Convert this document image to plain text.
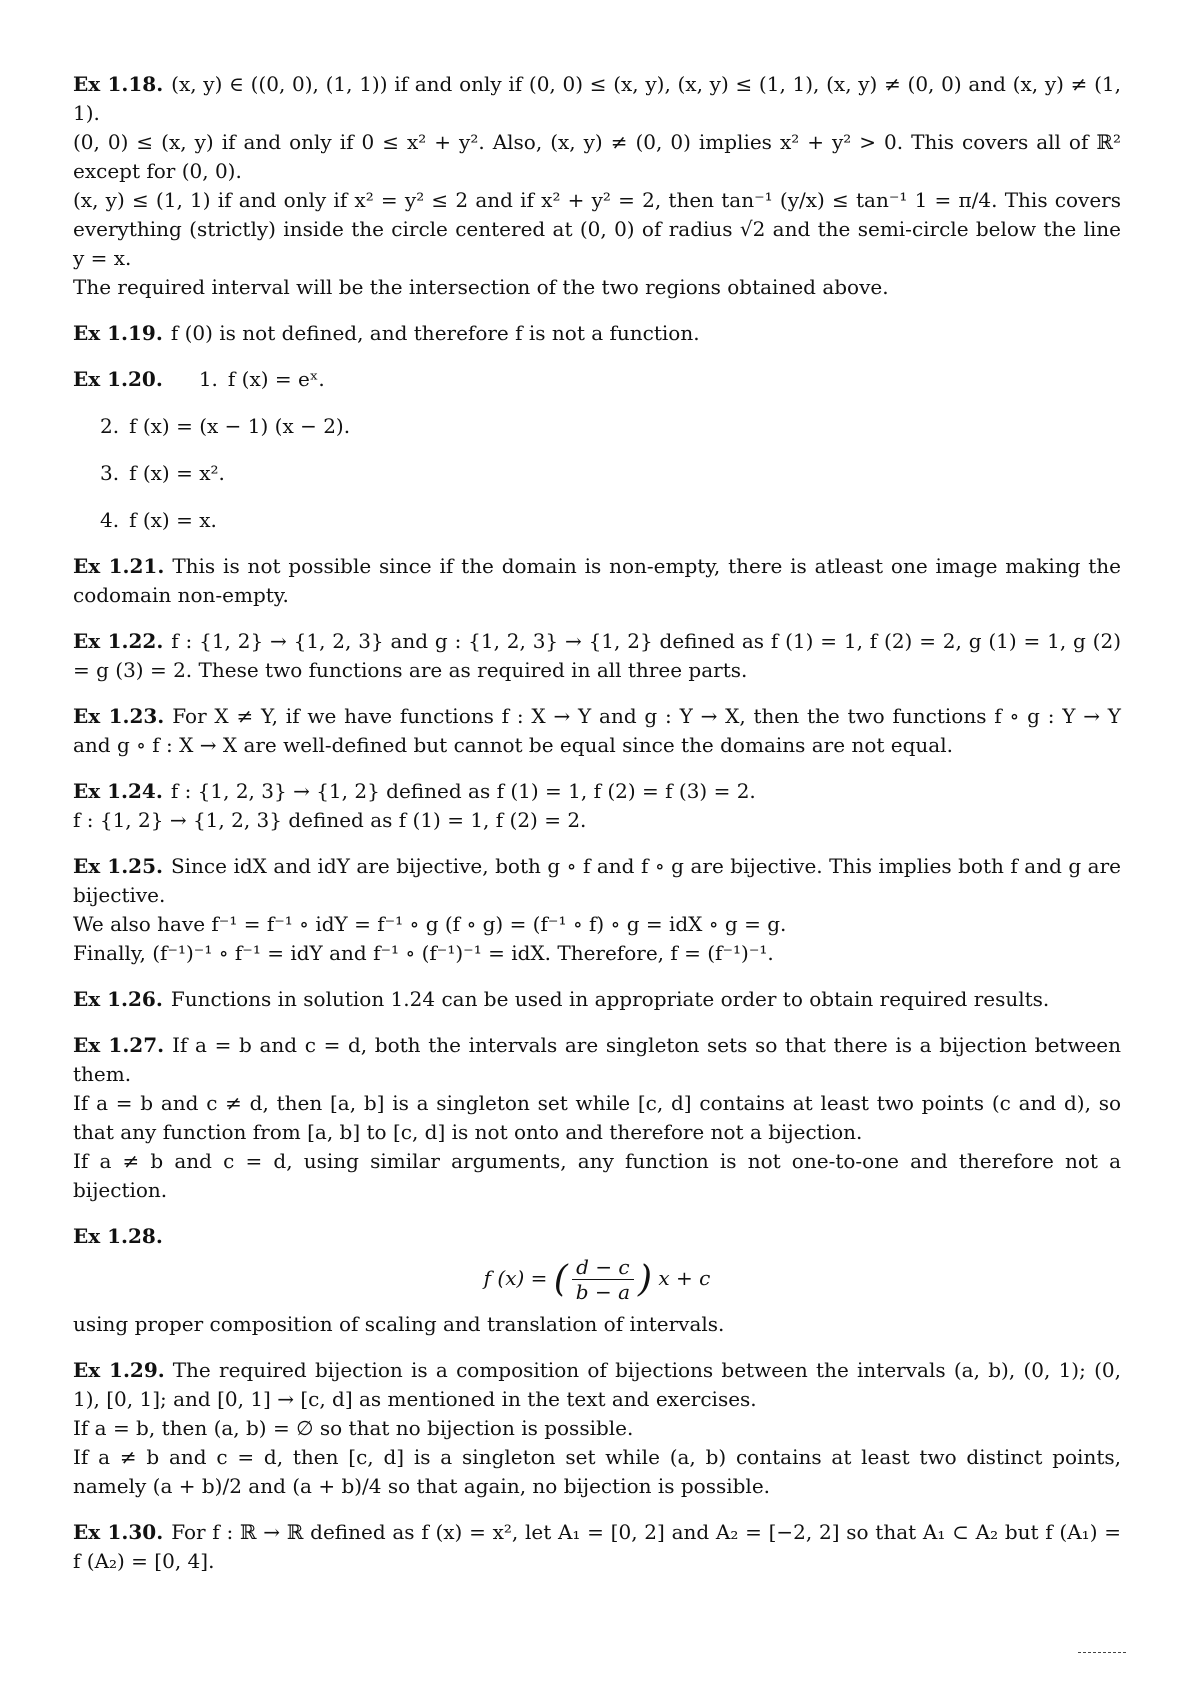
Ex 1.18. (x, y) ∈ ((0, 0), (1, 1)) if and only if (0, 0) ≤ (x, y), (x, y) ≤ (1, 1), (x, y) ≠ (0, 0) and (x, y) ≠ (1, 1).

(0, 0) ≤ (x, y) if and only if 0 ≤ x² + y². Also, (x, y) ≠ (0, 0) implies x² + y² > 0. This covers all of ℝ² except for (0, 0).

(x, y) ≤ (1, 1) if and only if x² = y² ≤ 2 and if x² + y² = 2, then tan⁻¹ (y/x) ≤ tan⁻¹ 1 = π/4. This covers everything (strictly) inside the circle centered at (0, 0) of radius √2 and the semi-circle below the line y = x.

The required interval will be the intersection of the two regions obtained above.

Ex 1.19. f (0) is not defined, and therefore f is not a function.

Ex 1.20. 1. f (x) = eˣ.

2. f (x) = (x − 1) (x − 2).
3. f (x) = x².
4. f (x) = x.

Ex 1.21. This is not possible since if the domain is non-empty, there is atleast one image making the codomain non-empty.

Ex 1.22. f : {1, 2} → {1, 2, 3} and g : {1, 2, 3} → {1, 2} defined as f (1) = 1, f (2) = 2, g (1) = 1, g (2) = g (3) = 2. These two functions are as required in all three parts.

Ex 1.23. For X ≠ Y, if we have functions f : X → Y and g : Y → X, then the two functions f ∘ g : Y → Y and g ∘ f : X → X are well-defined but cannot be equal since the domains are not equal.

Ex 1.24. f : {1, 2, 3} → {1, 2} defined as f (1) = 1, f (2) = f (3) = 2.

f : {1, 2} → {1, 2, 3} defined as f (1) = 1, f (2) = 2.

Ex 1.25. Since idX and idY are bijective, both g ∘ f and f ∘ g are bijective. This implies both f and g are bijective.

We also have f⁻¹ = f⁻¹ ∘ idY = f⁻¹ ∘ g (f ∘ g) = (f⁻¹ ∘ f) ∘ g = idX ∘ g = g.

Finally, (f⁻¹)⁻¹ ∘ f⁻¹ = idY and f⁻¹ ∘ (f⁻¹)⁻¹ = idX. Therefore, f = (f⁻¹)⁻¹.

Ex 1.26. Functions in solution 1.24 can be used in appropriate order to obtain required results.

Ex 1.27. If a = b and c = d, both the intervals are singleton sets so that there is a bijection between them.

If a = b and c ≠ d, then [a, b] is a singleton set while [c, d] contains at least two points (c and d), so that any function from [a, b] to [c, d] is not onto and therefore not a bijection.

If a ≠ b and c = d, using similar arguments, any function is not one-to-one and therefore not a bijection.

Ex 1.28.

f (x) = ( $\frac{d - c}{b - a}$ ) x + c

using proper composition of scaling and translation of intervals.

Ex 1.29. The required bijection is a composition of bijections between the intervals (a, b), (0, 1); (0, 1), [0, 1]; and [0, 1] → [c, d] as mentioned in the text and exercises.

If a = b, then (a, b) = ∅ so that no bijection is possible.

If a ≠ b and c = d, then [c, d] is a singleton set while (a, b) contains at least two distinct points, namely (a + b)/2 and (a + b)/4 so that again, no bijection is possible.

Ex 1.30. For f : ℝ → ℝ defined as f (x) = x², let A₁ = [0, 2] and A₂ = [−2, 2] so that A₁ ⊂ A₂ but f (A₁) = f (A₂) = [0, 4].
